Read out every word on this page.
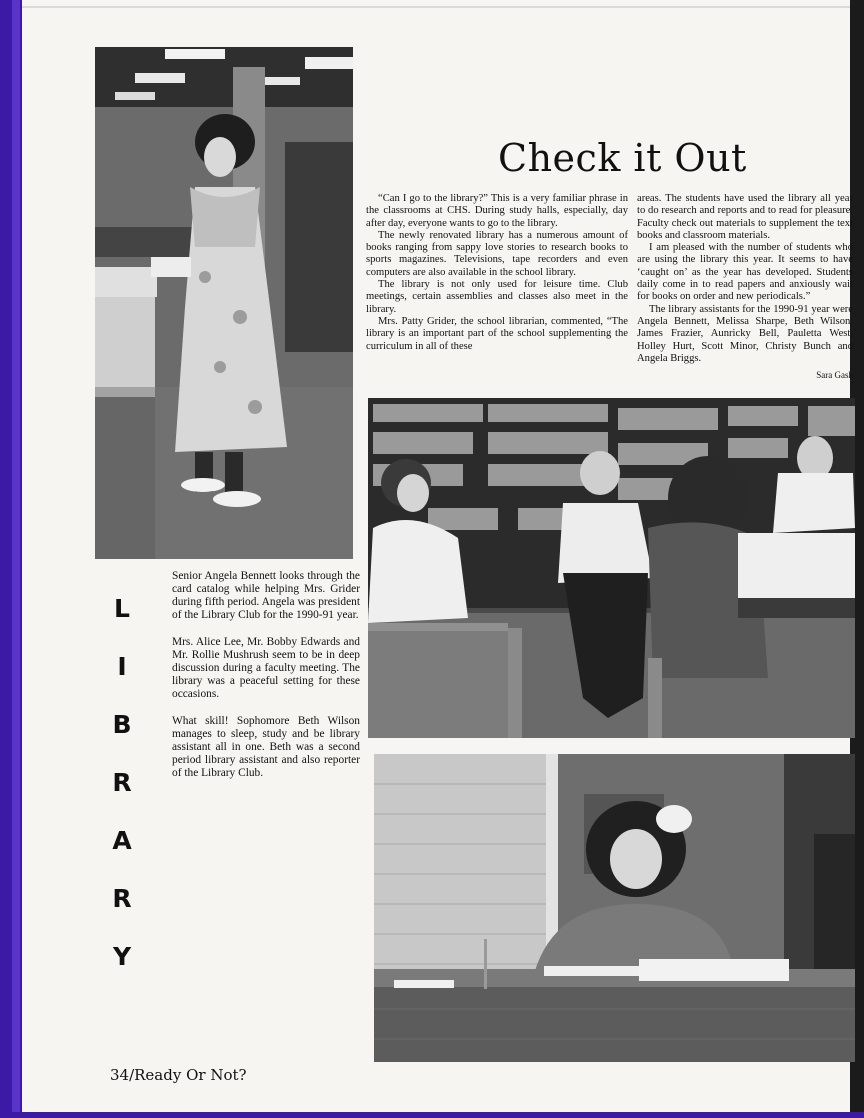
Check it Out

“Can I go to the library?” This is a very familiar phrase in the classrooms at CHS. During study halls, especially, day after day, everyone wants to go to the library.

The newly renovated library has a numerous amount of books ranging from sappy love stories to research books to sports magazines. Televisions, tape recorders and even computers are also available in the school library.

The library is not only used for leisure time. Club meetings, certain assemblies and classes also meet in the library.

Mrs. Patty Grider, the school librarian, commented, “The library is an important part of the school supplementing the curriculum in all of these

areas. The students have used the library all year to do research and reports and to read for pleasure. Faculty check out materials to supplement the text books and classroom materials.

I am pleased with the number of students who are using the library this year. It seems to have ‘caught on’ as the year has developed. Students daily come in to read papers and anxiously wait for books on order and new periodicals.”

The library assistants for the 1990-91 year were Angela Bennett, Melissa Sharpe, Beth Wilson, James Frazier, Aunricky Bell, Pauletta West, Holley Hurt, Scott Minor, Christy Bunch and Angela Briggs.

Sara Gash
L
I
B
R
A
R
Y

Senior Angela Bennett looks through the card catalog while helping Mrs. Grider during fifth period. Angela was president of the Library Club for the 1990-91 year.

Mrs. Alice Lee, Mr. Bobby Edwards and Mr. Rollie Mushrush seem to be in deep discussion during a faculty meeting. The library was a peaceful setting for these occasions.

What skill! Sophomore Beth Wilson manages to sleep, study and be library assistant all in one. Beth was a second period library assistant and also reporter of the Library Club.

34/Ready Or Not?
